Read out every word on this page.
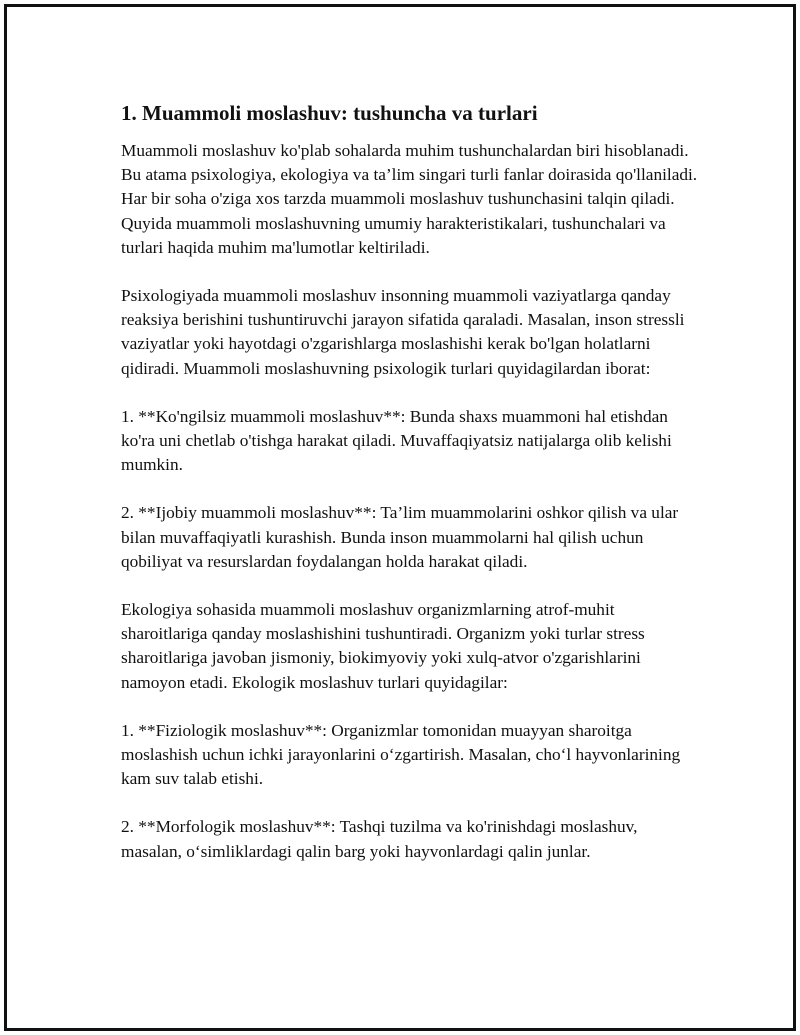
1. Muammoli moslashuv: tushuncha va turlari

Muammoli moslashuv ko'plab sohalarda muhim tushunchalardan biri hisoblanadi. Bu atama psixologiya, ekologiya va ta’lim singari turli fanlar doirasida qo'llaniladi. Har bir soha o'ziga xos tarzda muammoli moslashuv tushunchasini talqin qiladi. Quyida muammoli moslashuvning umumiy harakteristikalari, tushunchalari va turlari haqida muhim ma'lumotlar keltiriladi.

Psixologiyada muammoli moslashuv insonning muammoli vaziyatlarga qanday reaksiya berishini tushuntiruvchi jarayon sifatida qaraladi. Masalan, inson stressli vaziyatlar yoki hayotdagi o'zgarishlarga moslashishi kerak bo'lgan holatlarni qidiradi. Muammoli moslashuvning psixologik turlari quyidagilardan iborat:

1. **Ko'ngilsiz muammoli moslashuv**: Bunda shaxs muammoni hal etishdan ko'ra uni chetlab o'tishga harakat qiladi. Muvaffaqiyatsiz natijalarga olib kelishi mumkin.

2. **Ijobiy muammoli moslashuv**: Ta’lim muammolarini oshkor qilish va ular bilan muvaffaqiyatli kurashish. Bunda inson muammolarni hal qilish uchun qobiliyat va resurslardan foydalangan holda harakat qiladi.

Ekologiya sohasida muammoli moslashuv organizmlarning atrof-muhit sharoitlariga qanday moslashishini tushuntiradi. Organizm yoki turlar stress sharoitlariga javoban jismoniy, biokimyoviy yoki xulq-atvor o'zgarishlarini namoyon etadi. Ekologik moslashuv turlari quyidagilar:

1. **Fiziologik moslashuv**: Organizmlar tomonidan muayyan sharoitga moslashish uchun ichki jarayonlarini o‘zgartirish. Masalan, cho‘l hayvonlarining kam suv talab etishi.

2. **Morfologik moslashuv**: Tashqi tuzilma va ko'rinishdagi moslashuv, masalan, o‘simliklardagi qalin barg yoki hayvonlardagi qalin junlar.
